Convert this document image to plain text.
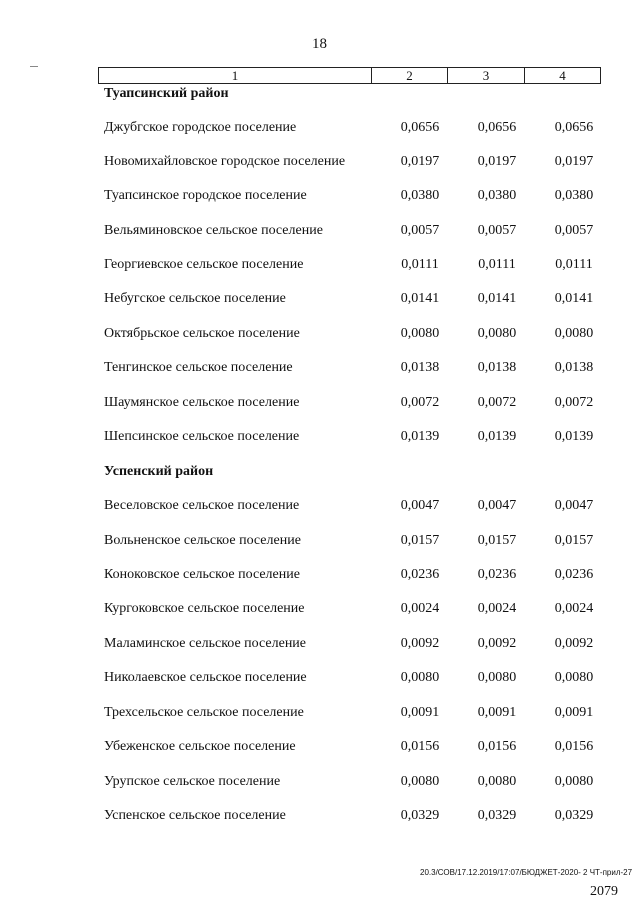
18
1	2	3	4
Туапсинский район
Джубгское городское поселение	0,0656	0,0656	0,0656
Новомихайловское городское поселение	0,0197	0,0197	0,0197
Туапсинское городское поселение	0,0380	0,0380	0,0380
Вельяминовское сельское поселение	0,0057	0,0057	0,0057
Георгиевское сельское поселение	0,0111	0,0111	0,0111
Небугское сельское поселение	0,0141	0,0141	0,0141
Октябрьское сельское поселение	0,0080	0,0080	0,0080
Тенгинское сельское поселение	0,0138	0,0138	0,0138
Шаумянское сельское поселение	0,0072	0,0072	0,0072
Шепсинское сельское поселение	0,0139	0,0139	0,0139
Успенский район
Веселовское сельское поселение	0,0047	0,0047	0,0047
Вольненское сельское поселение	0,0157	0,0157	0,0157
Коноковское сельское поселение	0,0236	0,0236	0,0236
Кургоковское сельское поселение	0,0024	0,0024	0,0024
Маламинское сельское поселение	0,0092	0,0092	0,0092
Николаевское сельское поселение	0,0080	0,0080	0,0080
Трехсельское сельское поселение	0,0091	0,0091	0,0091
Убеженское сельское поселение	0,0156	0,0156	0,0156
Урупское сельское поселение	0,0080	0,0080	0,0080
Успенское сельское поселение	0,0329	0,0329	0,0329
20.3/СОВ/17.12.2019/17:07/БЮДЖЕТ-2020- 2 ЧТ-прил-27
2079
